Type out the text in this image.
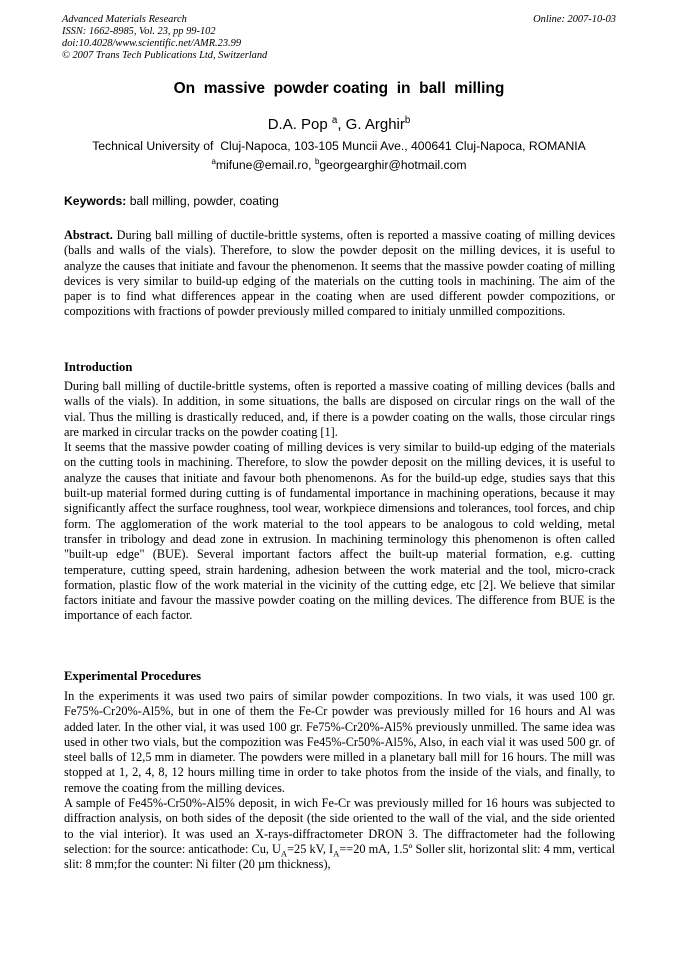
Advanced Materials Research
ISSN: 1662-8985, Vol. 23, pp 99-102
doi:10.4028/www.scientific.net/AMR.23.99
© 2007 Trans Tech Publications Ltd, Switzerland
Online: 2007-10-03
On  massive  powder coating  in  ball  milling
D.A. Pop $^a$, G. Arghir$^b$
Technical University of  Cluj-Napoca, 103-105 Muncii Ave., 400641 Cluj-Napoca, ROMANIA
$^a$mifune@email.ro, $^b$georgearghir@hotmail.com
Keywords: ball milling, powder, coating

Abstract. During ball milling of ductile-brittle systems, often is reported a massive coating of milling devices (balls and walls of the vials). Therefore, to slow the powder deposit on the milling devices, it is useful to analyze the causes that initiate and favour the phenomenon. It seems that the massive powder coating of milling devices is very similar to build-up edging of the materials on the cutting tools in machining. The aim of the paper is to find what differences appear in the coating when are used different powder compozitions, or compozitions with fractions of powder previously milled compared to initialy unmilled compozitions.

Introduction

During ball milling of ductile-brittle systems, often is reported a massive coating of milling devices (balls and walls of the vials). In addition, in some situations, the balls are disposed on circular rings on the wall of the vial. Thus the milling is drastically reduced, and, if there is a powder coating on the walls, those circular rings are marked in circular tracks on the powder coating [1].

It seems that the massive powder coating of milling devices is very similar to build-up edging of the materials on the cutting tools in machining. Therefore, to slow the powder deposit on the milling devices, it is useful to analyze the causes that initiate and favour both phenomenons. As for the build-up edge, studies says that this built-up material formed during cutting is of fundamental importance in machining operations, because it may significantly affect the surface roughness, tool wear, workpiece dimensions and tolerances, tool forces, and chip form. The agglomeration of the work material to the tool appears to be analogous to cold welding, metal transfer in tribology and dead zone in extrusion. In machining terminology this phenomenon is often called "built-up edge" (BUE). Several important factors affect the built-up material formation, e.g. cutting temperature, cutting speed, strain hardening, adhesion between the work material and the tool, micro-crack formation, plastic flow of the work material in the vicinity of the cutting edge, etc [2]. We believe that similar factors initiate and favour the massive powder coating on the milling devices. The difference from BUE is the importance of each factor.

Experimental Procedures

In the experiments it was used two pairs of similar powder compozitions. In two vials, it was used 100 gr. Fe75%-Cr20%-Al5%, but in one of them the Fe-Cr powder was previously milled for 16 hours and Al was added later. In the other vial, it was used 100 gr. Fe75%-Cr20%-Al5% previously unmilled. The same idea was used in other two vials, but the compozition was Fe45%-Cr50%-Al5%, Also, in each vial it was used 500 gr. of steel balls of 12,5 mm in diameter. The powders were milled in a planetary ball mill for 16 hours. The mill was stopped at 1, 2, 4, 8, 12 hours milling time in order to take photos from the inside of the vials, and finally, to remove the coating from the milling devices.

A sample of Fe45%-Cr50%-Al5% deposit, in wich Fe-Cr was previously milled for 16 hours was subjected to diffraction analysis, on both sides of the deposit (the side oriented to the wall of the vial, and the side oriented to the vial interior). It was used an X-rays-diffractometer DRON 3. The diffractometer had the following selection: for the source: anticathode: Cu, $U_A=25$ kV, $I_A==20$ mA, 1.5º Soller slit, horizontal slit: 4 mm, vertical slit: 8 mm;for the counter: Ni filter (20 µm thickness),
